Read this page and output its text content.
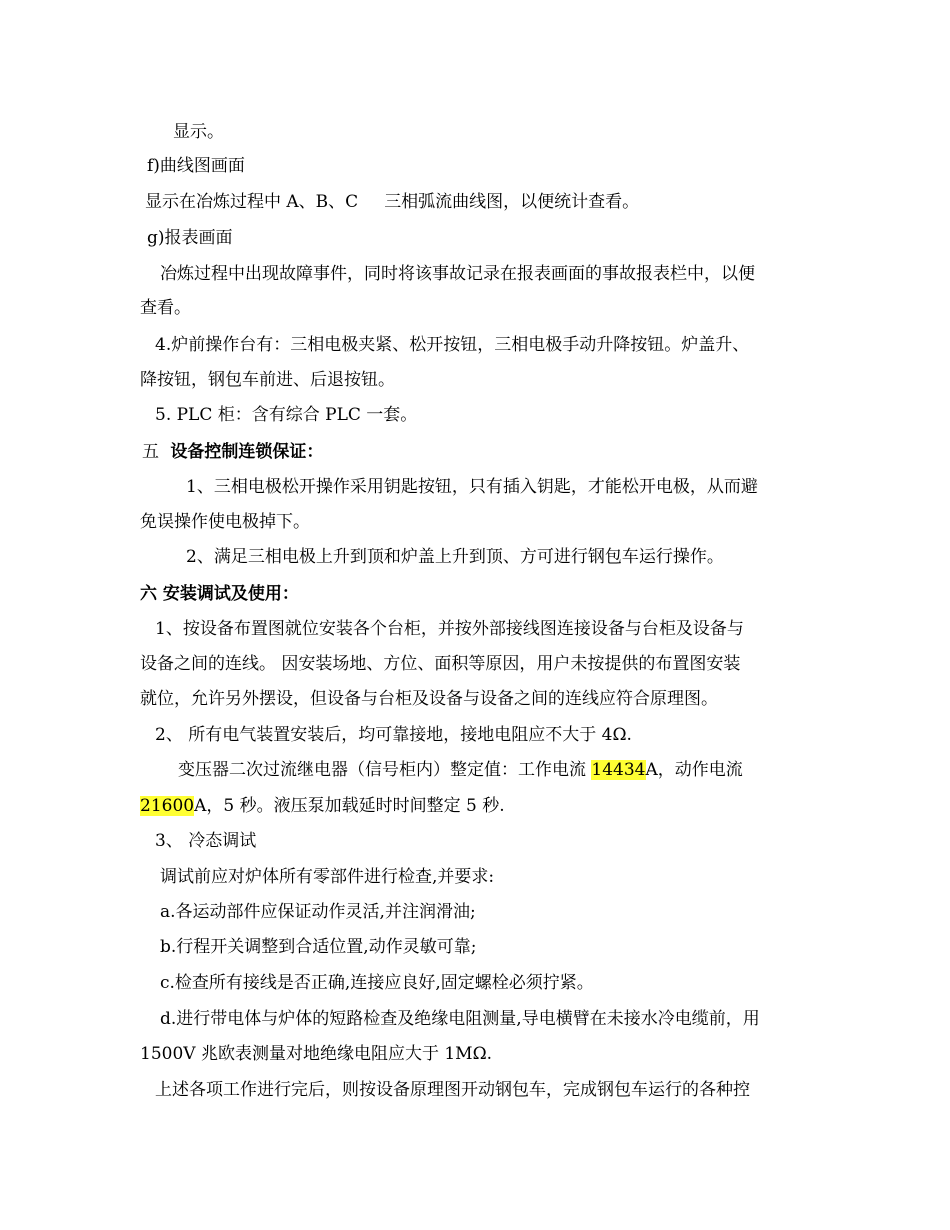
显示。
f)曲线图画面
显示在冶炼过程中 A、B、C 三相弧流曲线图，以便统计查看。
g)报表画面
冶炼过程中出现故障事件，同时将该事故记录在报表画面的事故报表栏中，以便
查看。
4.炉前操作台有：三相电极夹紧、松开按钮，三相电极手动升降按钮。炉盖升、
降按钮，钢包车前进、后退按钮。
5. PLC 柜：含有综合 PLC 一套。
五 设备控制连锁保证：
1、三相电极松开操作采用钥匙按钮，只有插入钥匙，才能松开电极，从而避
免误操作使电极掉下。
2、满足三相电极上升到顶和炉盖上升到顶、方可进行钢包车运行操作。
六 安装调试及使用：
1、按设备布置图就位安装各个台柜，并按外部接线图连接设备与台柜及设备与
设备之间的连线。 因安装场地、方位、面积等原因，用户未按提供的布置图安装
就位，允许另外摆设，但设备与台柜及设备与设备之间的连线应符合原理图。
2、 所有电气装置安装后，均可靠接地，接地电阻应不大于 4Ω.
变压器二次过流继电器（信号柜内）整定值：工作电流 14434A，动作电流
21600A，5 秒。液压泵加载延时时间整定 5 秒.
3、 冷态调试
调试前应对炉体所有零部件进行检查,并要求:
a.各运动部件应保证动作灵活,并注润滑油;
b.行程开关调整到合适位置,动作灵敏可靠;
c.检查所有接线是否正确,连接应良好,固定螺栓必须拧紧。
d.进行带电体与炉体的短路检查及绝缘电阻测量,导电横臂在未接水冷电缆前，用
1500V 兆欧表测量对地绝缘电阻应大于 1MΩ.
上述各项工作进行完后，则按设备原理图开动钢包车，完成钢包车运行的各种控
